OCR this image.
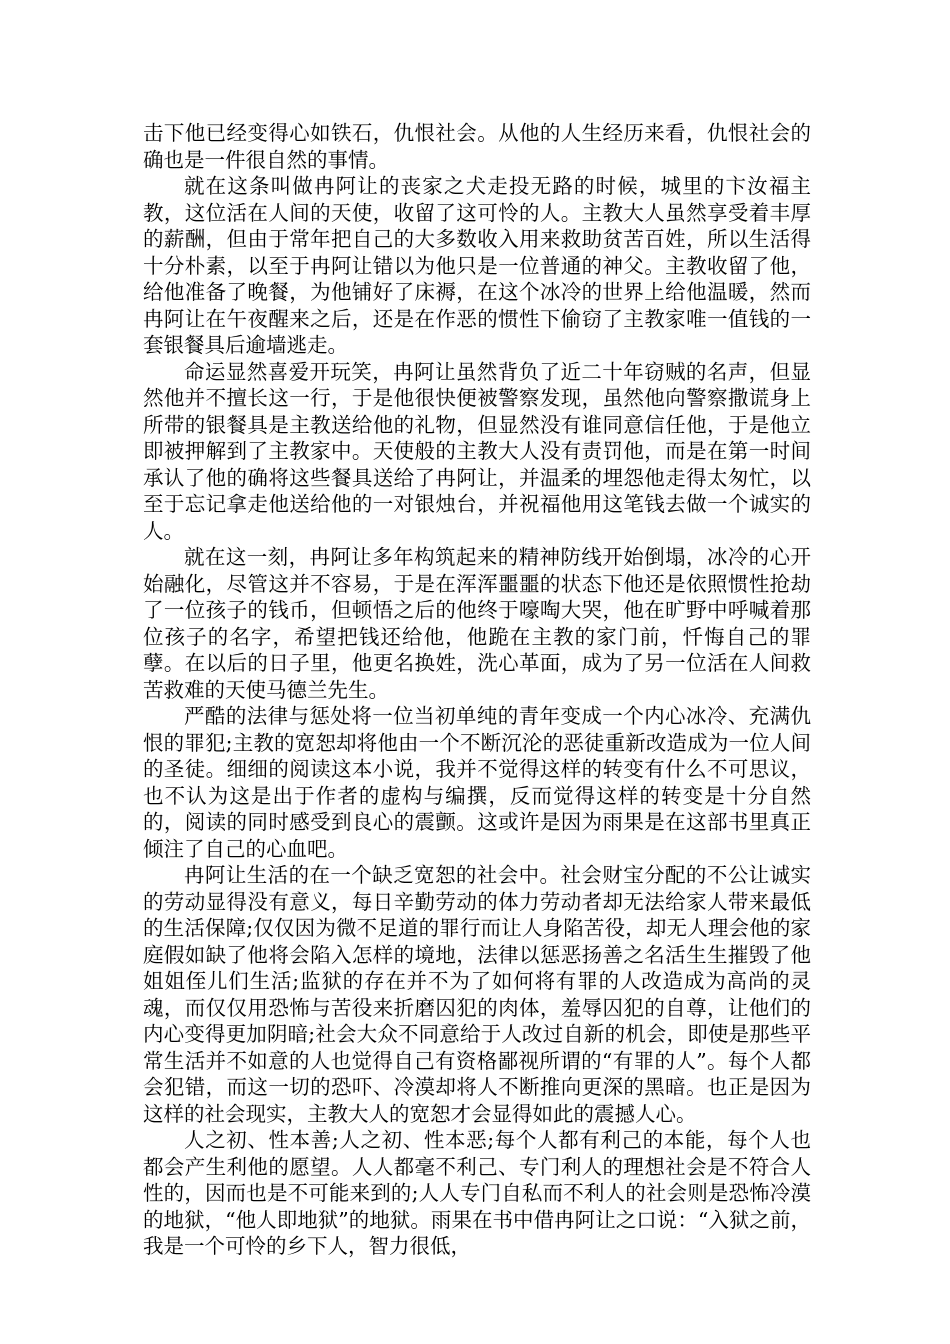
击下他已经变得心如铁石，仇恨社会。从他的人生经历来看，仇恨社会的确也是一件很自然的事情。

就在这条叫做冉阿让的丧家之犬走投无路的时候，城里的卞汝福主教，这位活在人间的天使，收留了这可怜的人。主教大人虽然享受着丰厚的薪酬，但由于常年把自己的大多数收入用来救助贫苦百姓，所以生活得十分朴素，以至于冉阿让错以为他只是一位普通的神父。主教收留了他，给他准备了晚餐，为他铺好了床褥，在这个冰冷的世界上给他温暖，然而冉阿让在午夜醒来之后，还是在作恶的惯性下偷窃了主教家唯一值钱的一套银餐具后逾墙逃走。

命运显然喜爱开玩笑，冉阿让虽然背负了近二十年窃贼的名声，但显然他并不擅长这一行，于是他很快便被警察发现，虽然他向警察撒谎身上所带的银餐具是主教送给他的礼物，但显然没有谁同意信任他，于是他立即被押解到了主教家中。天使般的主教大人没有责罚他，而是在第一时间承认了他的确将这些餐具送给了冉阿让，并温柔的埋怨他走得太匆忙，以至于忘记拿走他送给他的一对银烛台，并祝福他用这笔钱去做一个诚实的人。

就在这一刻，冉阿让多年构筑起来的精神防线开始倒塌，冰冷的心开始融化，尽管这并不容易，于是在浑浑噩噩的状态下他还是依照惯性抢劫了一位孩子的钱币，但顿悟之后的他终于嚎啕大哭，他在旷野中呼喊着那位孩子的名字，希望把钱还给他，他跪在主教的家门前，忏悔自己的罪孽。在以后的日子里，他更名换姓，洗心革面，成为了另一位活在人间救苦救难的天使马德兰先生。

严酷的法律与惩处将一位当初单纯的青年变成一个内心冰冷、充满仇恨的罪犯;主教的宽恕却将他由一个不断沉沦的恶徒重新改造成为一位人间的圣徒。细细的阅读这本小说，我并不觉得这样的转变有什么不可思议，也不认为这是出于作者的虚构与编撰，反而觉得这样的转变是十分自然的，阅读的同时感受到良心的震颤。这或许是因为雨果是在这部书里真正倾注了自己的心血吧。

冉阿让生活的在一个缺乏宽恕的社会中。社会财宝分配的不公让诚实的劳动显得没有意义，每日辛勤劳动的体力劳动者却无法给家人带来最低的生活保障;仅仅因为微不足道的罪行而让人身陷苦役，却无人理会他的家庭假如缺了他将会陷入怎样的境地，法律以惩恶扬善之名活生生摧毁了他姐姐侄儿们生活;监狱的存在并不为了如何将有罪的人改造成为高尚的灵魂，而仅仅用恐怖与苦役来折磨囚犯的肉体，羞辱囚犯的自尊，让他们的内心变得更加阴暗;社会大众不同意给于人改过自新的机会，即使是那些平常生活并不如意的人也觉得自己有资格鄙视所谓的“有罪的人”。每个人都会犯错，而这一切的恐吓、冷漠却将人不断推向更深的黑暗。也正是因为这样的社会现实，主教大人的宽恕才会显得如此的震撼人心。

人之初、性本善;人之初、性本恶;每个人都有利己的本能，每个人也都会产生利他的愿望。人人都毫不利己、专门利人的理想社会是不符合人性的，因而也是不可能来到的;人人专门自私而不利人的社会则是恐怖冷漠的地狱，“他人即地狱”的地狱。雨果在书中借冉阿让之口说：“入狱之前，我是一个可怜的乡下人，智力很低，
